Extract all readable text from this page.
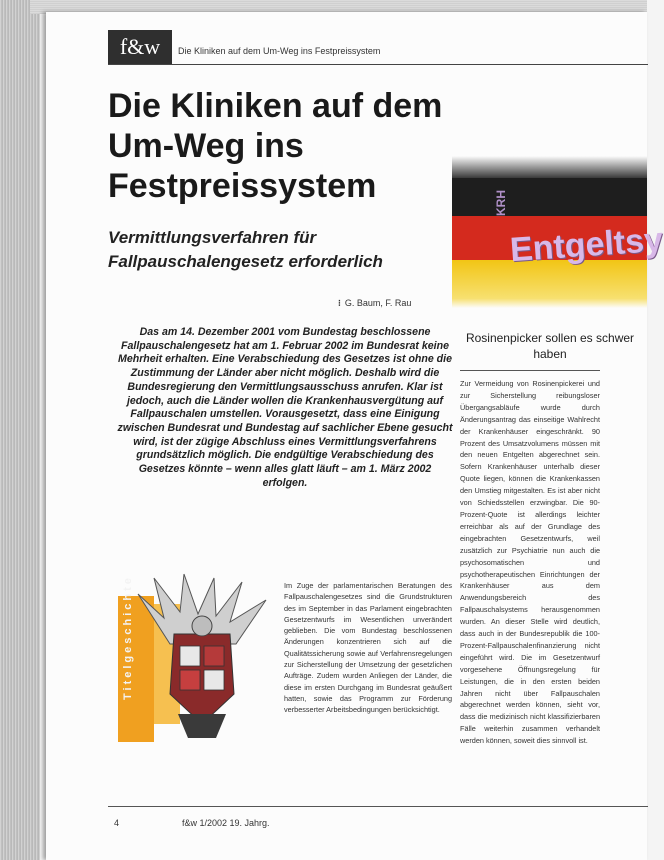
f&w	Die Kliniken auf dem Um-Weg ins Festpreissystem
Die Kliniken auf dem Um-Weg ins Festpreissystem
Vermittlungsverfahren für Fallpauschalengesetz erforderlich
⁝ G. Baum, F. Rau
KRH
Entgeltsy
Das am 14. Dezember 2001 vom Bundestag beschlossene Fallpauschalengesetz hat am 1. Februar 2002 im Bundesrat keine Mehrheit erhalten. Eine Verabschiedung des Gesetzes ist ohne die Zustimmung der Länder aber nicht möglich. Deshalb wird die Bundesregierung den Vermittlungsausschuss anrufen. Klar ist jedoch, auch die Länder wollen die Krankenhausvergütung auf Fallpauschalen umstellen. Vorausgesetzt, dass eine Einigung zwischen Bundesrat und Bundestag auf sachlicher Ebene gesucht wird, ist der zügige Abschluss eines Vermittlungsverfahrens grundsätzlich möglich. Die endgültige Verabschiedung des Gesetzes könnte – wenn alles glatt läuft – am 1. März 2002 erfolgen.
Rosinenpicker sollen es schwer haben
Zur Vermeidung von Rosinenpickerei und zur Sicherstellung reibungsloser Übergangsabläufe wurde durch Änderungsantrag das einseitige Wahlrecht der Krankenhäuser eingeschränkt. 90 Prozent des Umsatzvolumens müssen mit den neuen Entgelten abgerechnet sein. Sofern Krankenhäuser unterhalb dieser Quote liegen, können die Krankenkassen den Umstieg mitgestalten. Es ist aber nicht von Schiedsstellen erzwingbar. Die 90-Prozent-Quote ist allerdings leichter erreichbar als auf der Grundlage des eingebrachten Gesetzentwurfs, weil zusätzlich zur Psychiatrie nun auch die psychosomatischen und psychotherapeutischen Einrichtungen der Krankenhäuser aus dem Anwendungsbereich des Fallpauschalsystems herausgenommen wurden. An dieser Stelle wird deutlich, dass auch in der Bundesrepublik die 100-Prozent-Fallpauschalenfinanzierung nicht eingeführt wird. Die im Gesetzentwurf vorgesehene Öffnungsregelung für Leistungen, die in den ersten beiden Jahren nicht über Fallpauschalen abgerechnet werden können, sieht vor, dass die medizinisch nicht klassifizierbaren Fälle weiterhin zusammen verhandelt werden können, soweit dies sinnvoll ist.
Titelgeschichte	Im Zuge der parlamentarischen Beratungen des Fallpauschalengesetzes sind die Grundstrukturen des im September in das Parlament eingebrachten Gesetzentwurfs im Wesentlichen unverändert geblieben. Die vom Bundestag beschlossenen Änderungen konzentrieren sich auf die Qualitätssicherung sowie auf Verfahrensregelungen zur Sicherstellung der Umsetzung der gesetzlichen Aufträge. Zudem wurden Anliegen der Länder, die diese im ersten Durchgang im Bundesrat geäußert hatten, sowie das Programm zur Förderung verbesserter Arbeitsbedingungen berücksichtigt.
4	f&w 1/2002 19. Jahrg.
